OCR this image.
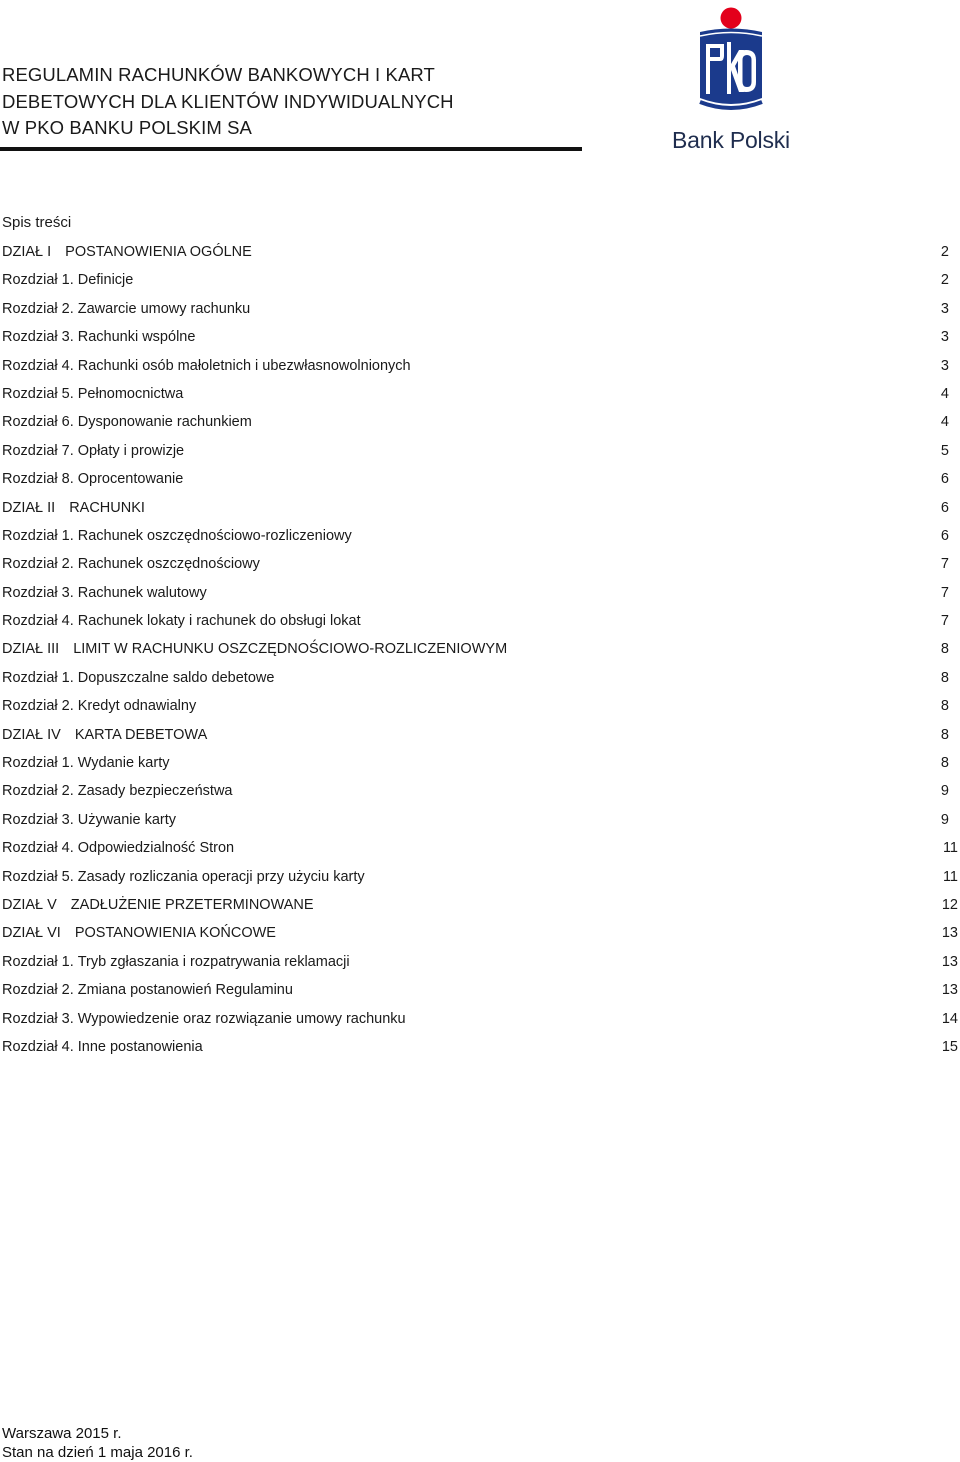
REGULAMIN RACHUNKÓW BANKOWYCH I KART
DEBETOWYCH DLA KLIENTÓW INDYWIDUALNYCH
W PKO BANKU POLSKIM SA	Bank Polski
Spis treści
DZIAŁ I POSTANOWIENIA OGÓLNE	2
Rozdział 1. Definicje	2
Rozdział 2. Zawarcie umowy rachunku	3
Rozdział 3. Rachunki wspólne	3
Rozdział 4. Rachunki osób małoletnich i ubezwłasnowolnionych	3
Rozdział 5. Pełnomocnictwa	4
Rozdział 6. Dysponowanie rachunkiem	4
Rozdział 7. Opłaty i prowizje	5
Rozdział 8. Oprocentowanie	6
DZIAŁ II RACHUNKI	6
Rozdział 1. Rachunek oszczędnościowo-rozliczeniowy	6
Rozdział 2. Rachunek oszczędnościowy	7
Rozdział 3. Rachunek walutowy	7
Rozdział 4. Rachunek lokaty i rachunek do obsługi lokat	7
DZIAŁ III LIMIT W RACHUNKU OSZCZĘDNOŚCIOWO-ROZLICZENIOWYM	8
Rozdział 1. Dopuszczalne saldo debetowe	8
Rozdział 2. Kredyt odnawialny	8
DZIAŁ IV KARTA DEBETOWA	8
Rozdział 1. Wydanie karty	8
Rozdział 2. Zasady bezpieczeństwa	9
Rozdział 3. Używanie karty	9
Rozdział 4. Odpowiedzialność Stron	11
Rozdział 5. Zasady rozliczania operacji przy użyciu karty	11
DZIAŁ V ZADŁUŻENIE PRZETERMINOWANE	12
DZIAŁ VI POSTANOWIENIA KOŃCOWE	13
Rozdział 1. Tryb zgłaszania i rozpatrywania reklamacji	13
Rozdział 2. Zmiana postanowień Regulaminu	13
Rozdział 3. Wypowiedzenie oraz rozwiązanie umowy rachunku	14
Rozdział 4. Inne postanowienia	15
Warszawa 2015 r.
Stan na dzień 1 maja 2016 r.
